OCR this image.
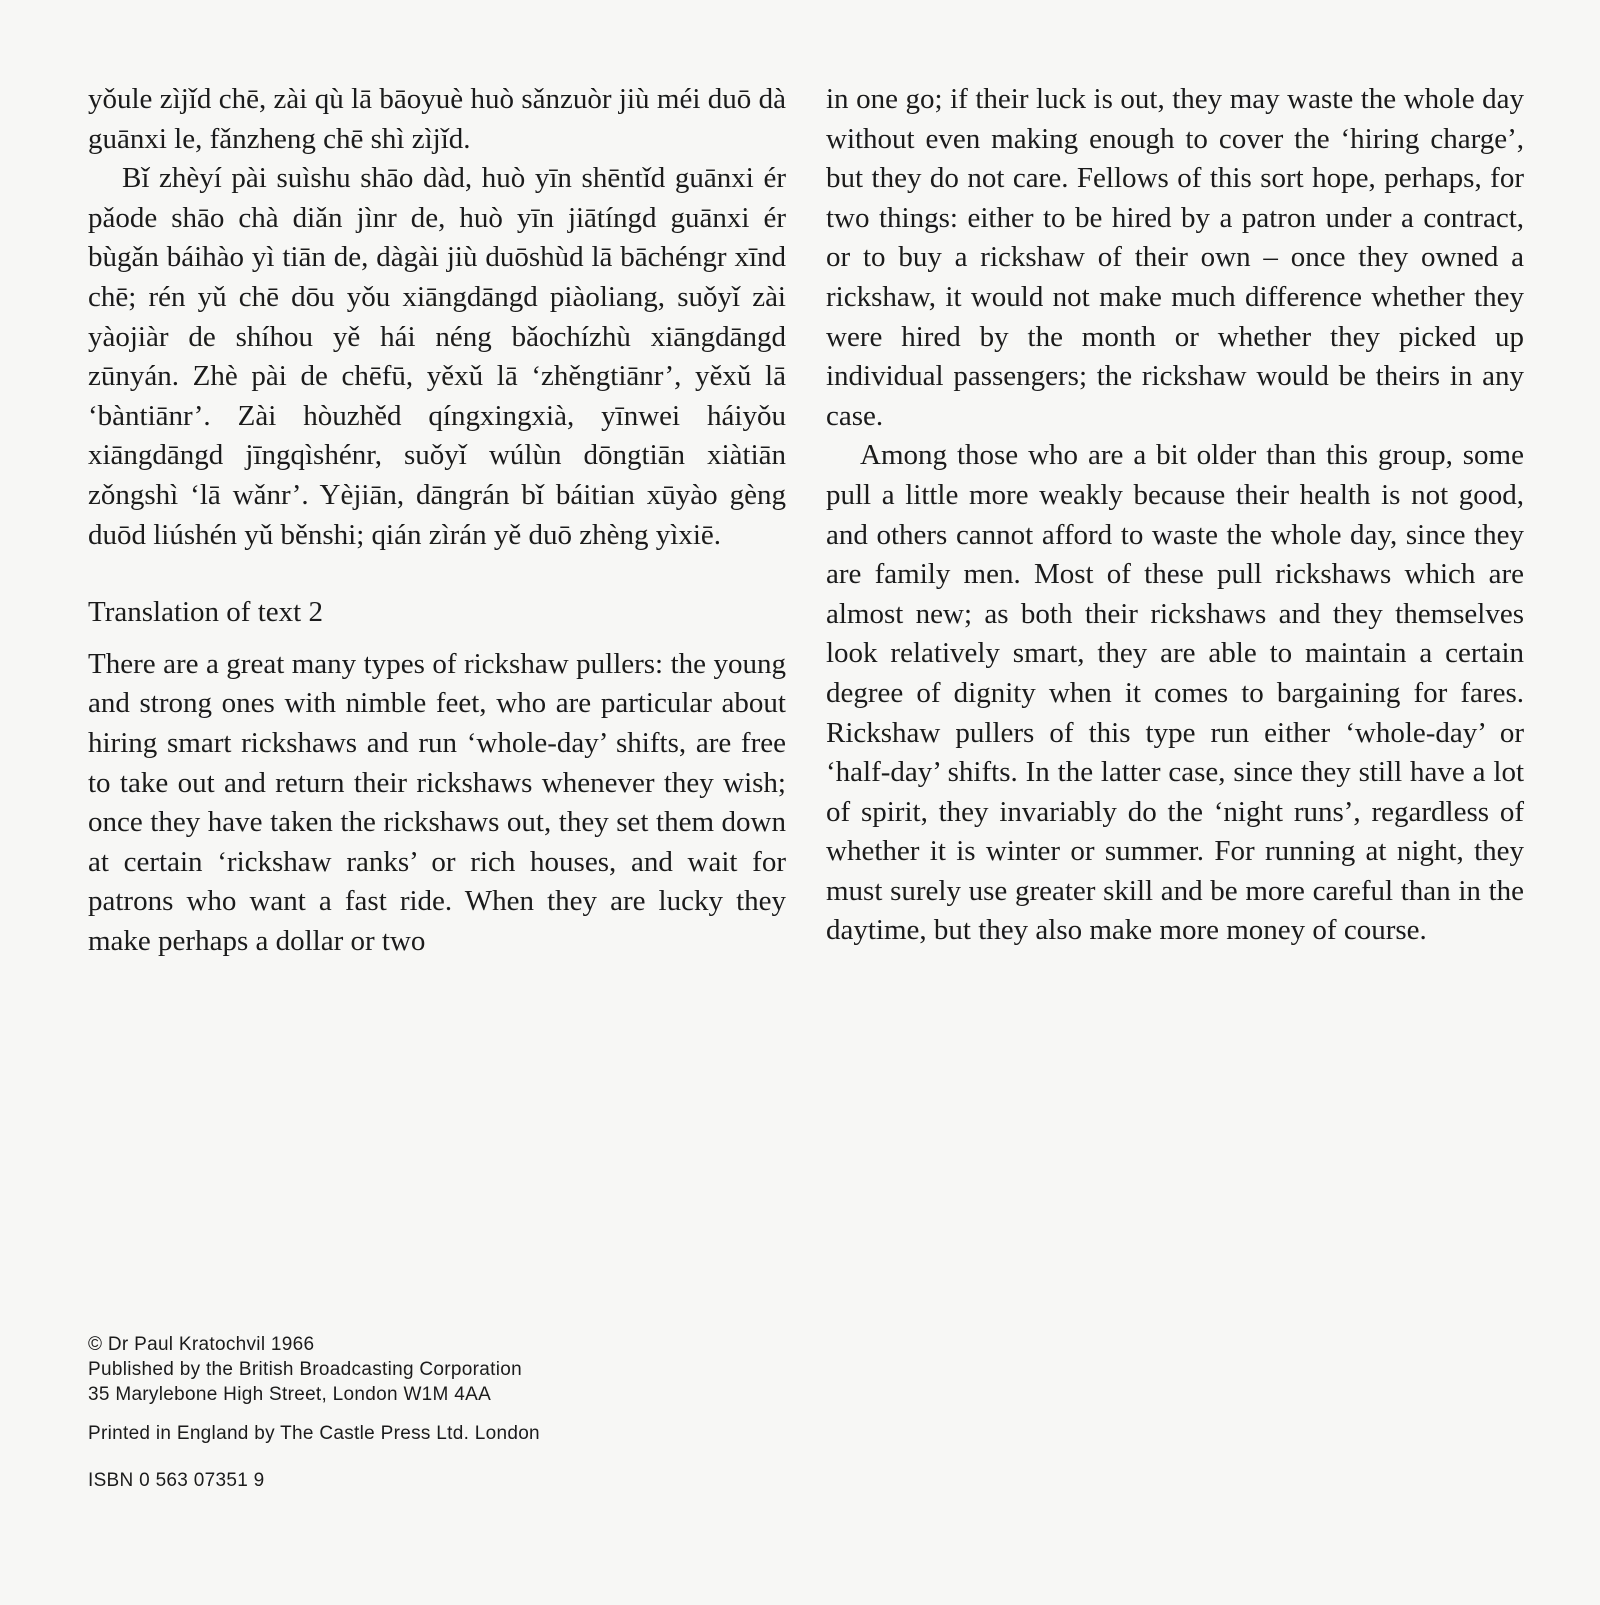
yǒule zìjǐd chē, zài qù lā bāoyuè huò sǎnzuòr jiù méi duō dà guānxi le, fǎnzheng chē shì zìjǐd.

Bǐ zhèyí pài suìshu shāo dàd, huò yīn shēntǐd guānxi ér pǎode shāo chà diǎn jìnr de, huò yīn jiātíngd guānxi ér bùgǎn báihào yì tiān de, dàgài jiù duōshùd lā bāchéngr xīnd chē; rén yǔ chē dōu yǒu xiāngdāngd piàoliang, suǒyǐ zài yàojiàr de shíhou yě hái néng bǎochízhù xiāngdāngd zūnyán. Zhè pài de chēfū, yěxǔ lā ‘zhěngtiānr’, yěxǔ lā ‘bàntiānr’. Zài hòuzhěd qíngxingxià, yīnwei háiyǒu xiāngdāngd jīngqìshénr, suǒyǐ wúlùn dōngtiān xiàtiān zǒngshì ‘lā wǎnr’. Yèjiān, dāngrán bǐ báitian xūyào gèng duōd liúshén yǔ běnshi; qián zìrán yě duō zhèng yìxiē.

Translation of text 2

There are a great many types of rickshaw pullers: the young and strong ones with nimble feet, who are particular about hiring smart rickshaws and run ‘whole-day’ shifts, are free to take out and return their rickshaws whenever they wish; once they have taken the rickshaws out, they set them down at certain ‘rickshaw ranks’ or rich houses, and wait for patrons who want a fast ride. When they are lucky they make perhaps a dollar or two

in one go; if their luck is out, they may waste the whole day without even making enough to cover the ‘hiring charge’, but they do not care. Fellows of this sort hope, perhaps, for two things: either to be hired by a patron under a contract, or to buy a rickshaw of their own – once they owned a rickshaw, it would not make much difference whether they were hired by the month or whether they picked up individual passengers; the rickshaw would be theirs in any case.

Among those who are a bit older than this group, some pull a little more weakly because their health is not good, and others cannot afford to waste the whole day, since they are family men. Most of these pull rickshaws which are almost new; as both their rickshaws and they themselves look relatively smart, they are able to maintain a certain degree of dignity when it comes to bargaining for fares. Rickshaw pullers of this type run either ‘whole-day’ or ‘half-day’ shifts. In the latter case, since they still have a lot of spirit, they invariably do the ‘night runs’, regardless of whether it is winter or summer. For running at night, they must surely use greater skill and be more careful than in the daytime, but they also make more money of course.

© Dr Paul Kratochvil 1966

Published by the British Broadcasting Corporation

35 Marylebone High Street, London W1M 4AA

Printed in England by The Castle Press Ltd. London

ISBN 0 563 07351 9
